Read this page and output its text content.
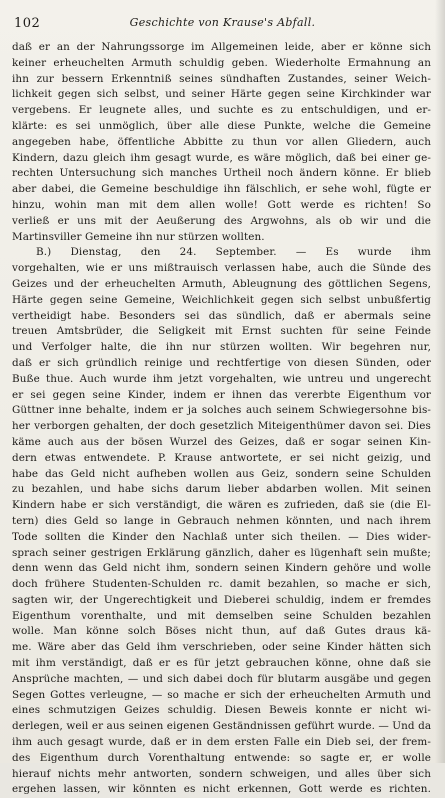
102	Geschichte von Krause's Abfall.
daß er an der Nahrungssorge im Allgemeinen leide, aber er könne sich
keiner erheuchelten Armuth schuldig geben. Wiederholte Ermahnung an
ihn zur bessern Erkenntniß seines sündhaften Zustandes, seiner Weich-
lichkeit gegen sich selbst, und seiner Härte gegen seine Kirchkinder war
vergebens. Er leugnete alles, und suchte es zu entschuldigen, und er-
klärte: es sei unmöglich, über alle diese Punkte, welche die Gemeine
angegeben habe, öffentliche Abbitte zu thun vor allen Gliedern, auch
Kindern, dazu gleich ihm gesagt wurde, es wäre möglich, daß bei einer ge-
rechten Untersuchung sich manches Urtheil noch ändern könne. Er blieb
aber dabei, die Gemeine beschuldige ihn fälschlich, er sehe wohl, fügte er
hinzu, wohin man mit dem allen wolle! Gott werde es richten! So
verließ er uns mit der Aeußerung des Argwohns, als ob wir und die
Martinsviller Gemeine ihn nur stürzen wollten.
B.) Dienstag, den 24. September. — Es wurde ihm
vorgehalten, wie er uns mißtrauisch verlassen habe, auch die Sünde des
Geizes und der erheuchelten Armuth, Ableugnung des göttlichen Segens,
Härte gegen seine Gemeine, Weichlichkeit gegen sich selbst unbußfertig
vertheidigt habe. Besonders sei das sündlich, daß er abermals seine
treuen Amtsbrüder, die Seligkeit mit Ernst suchten für seine Feinde
und Verfolger halte, die ihn nur stürzen wollten. Wir begehren nur,
daß er sich gründlich reinige und rechtfertige von diesen Sünden, oder
Buße thue. Auch wurde ihm jetzt vorgehalten, wie untreu und ungerecht
er sei gegen seine Kinder, indem er ihnen das vererbte Eigenthum vor
Güttner inne behalte, indem er ja solches auch seinem Schwiegersohne bis-
her verborgen gehalten, der doch gesetzlich Miteigenthümer davon sei. Dies
käme auch aus der bösen Wurzel des Geizes, daß er sogar seinen Kin-
dern etwas entwendete. P. Krause antwortete, er sei nicht geizig, und
habe das Geld nicht aufheben wollen aus Geiz, sondern seine Schulden
zu bezahlen, und habe sichs darum lieber abdarben wollen. Mit seinen
Kindern habe er sich verständigt, die wären es zufrieden, daß sie (die El-
tern) dies Geld so lange in Gebrauch nehmen könnten, und nach ihrem
Tode sollten die Kinder den Nachlaß unter sich theilen. — Dies wider-
sprach seiner gestrigen Erklärung gänzlich, daher es lügenhaft sein mußte;
denn wenn das Geld nicht ihm, sondern seinen Kindern gehöre und wolle
doch frühere Studenten-Schulden rc. damit bezahlen, so mache er sich,
sagten wir, der Ungerechtigkeit und Dieberei schuldig, indem er fremdes
Eigenthum vorenthalte, und mit demselben seine Schulden bezahlen
wolle. Man könne solch Böses nicht thun, auf daß Gutes draus kä-
me. Wäre aber das Geld ihm verschrieben, oder seine Kinder hätten sich
mit ihm verständigt, daß er es für jetzt gebrauchen könne, ohne daß sie
Ansprüche machten, — und sich dabei doch für blutarm ausgäbe und gegen
Segen Gottes verleugne, — so mache er sich der erheuchelten Armuth und
eines schmutzigen Geizes schuldig. Diesen Beweis konnte er nicht wi-
derlegen, weil er aus seinen eigenen Geständnissen geführt wurde. — Und da
ihm auch gesagt wurde, daß er in dem ersten Falle ein Dieb sei, der frem-
des Eigenthum durch Vorenthaltung entwende: so sagte er, er wolle
hierauf nichts mehr antworten, sondern schweigen, und alles über sich
ergehen lassen, wir könnten es nicht erkennen, Gott werde es richten.
